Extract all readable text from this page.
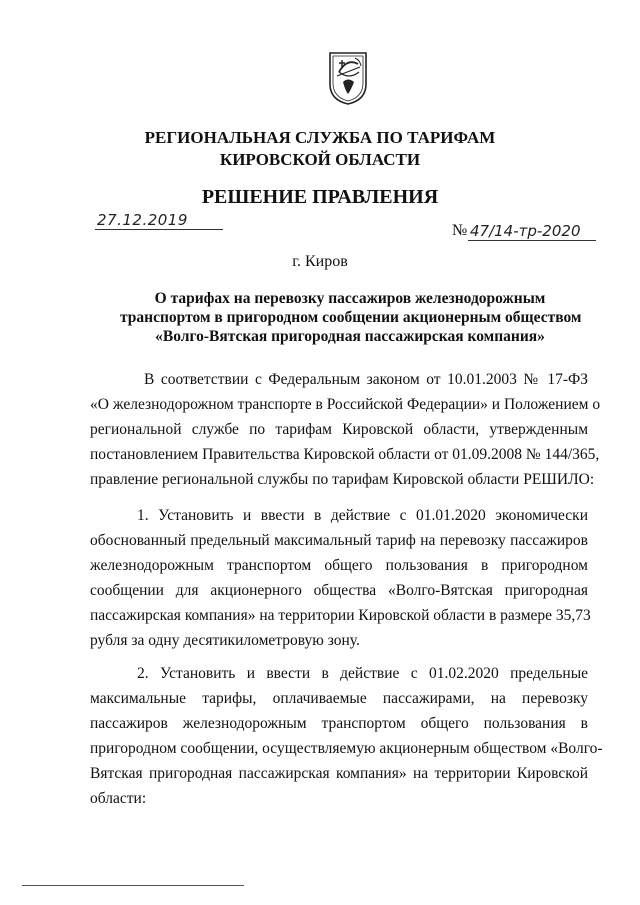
РЕГИОНАЛЬНАЯ СЛУЖБА ПО ТАРИФАМ
КИРОВСКОЙ ОБЛАСТИ
РЕШЕНИЕ ПРАВЛЕНИЯ
27.12.2019
№ 47/14-тр-2020
г. Киров
О тарифах на перевозку пассажиров железнодорожным
транспортом в пригородном сообщении акционерным обществом
«Волго-Вятская пригородная пассажирская компания»
В соответствии с Федеральным законом от 10.01.2003 № 17-ФЗ
«О железнодорожном транспорте в Российской Федерации» и Положением о
региональной службе по тарифам Кировской области, утвержденным
постановлением Правительства Кировской области от 01.09.2008 № 144/365,
правление региональной службы по тарифам Кировской области РЕШИЛО:
1. Установить и ввести в действие с 01.01.2020 экономически
обоснованный предельный максимальный тариф на перевозку пассажиров
железнодорожным транспортом общего пользования в пригородном
сообщении для акционерного общества «Волго-Вятская пригородная
пассажирская компания» на территории Кировской области в размере 35,73
рубля за одну десятикилометровую зону.
2. Установить и ввести в действие с 01.02.2020 предельные
максимальные тарифы, оплачиваемые пассажирами, на перевозку
пассажиров железнодорожным транспортом общего пользования в
пригородном сообщении, осуществляемую акционерным обществом «Волго-
Вятская пригородная пассажирская компания» на территории Кировской
области:
